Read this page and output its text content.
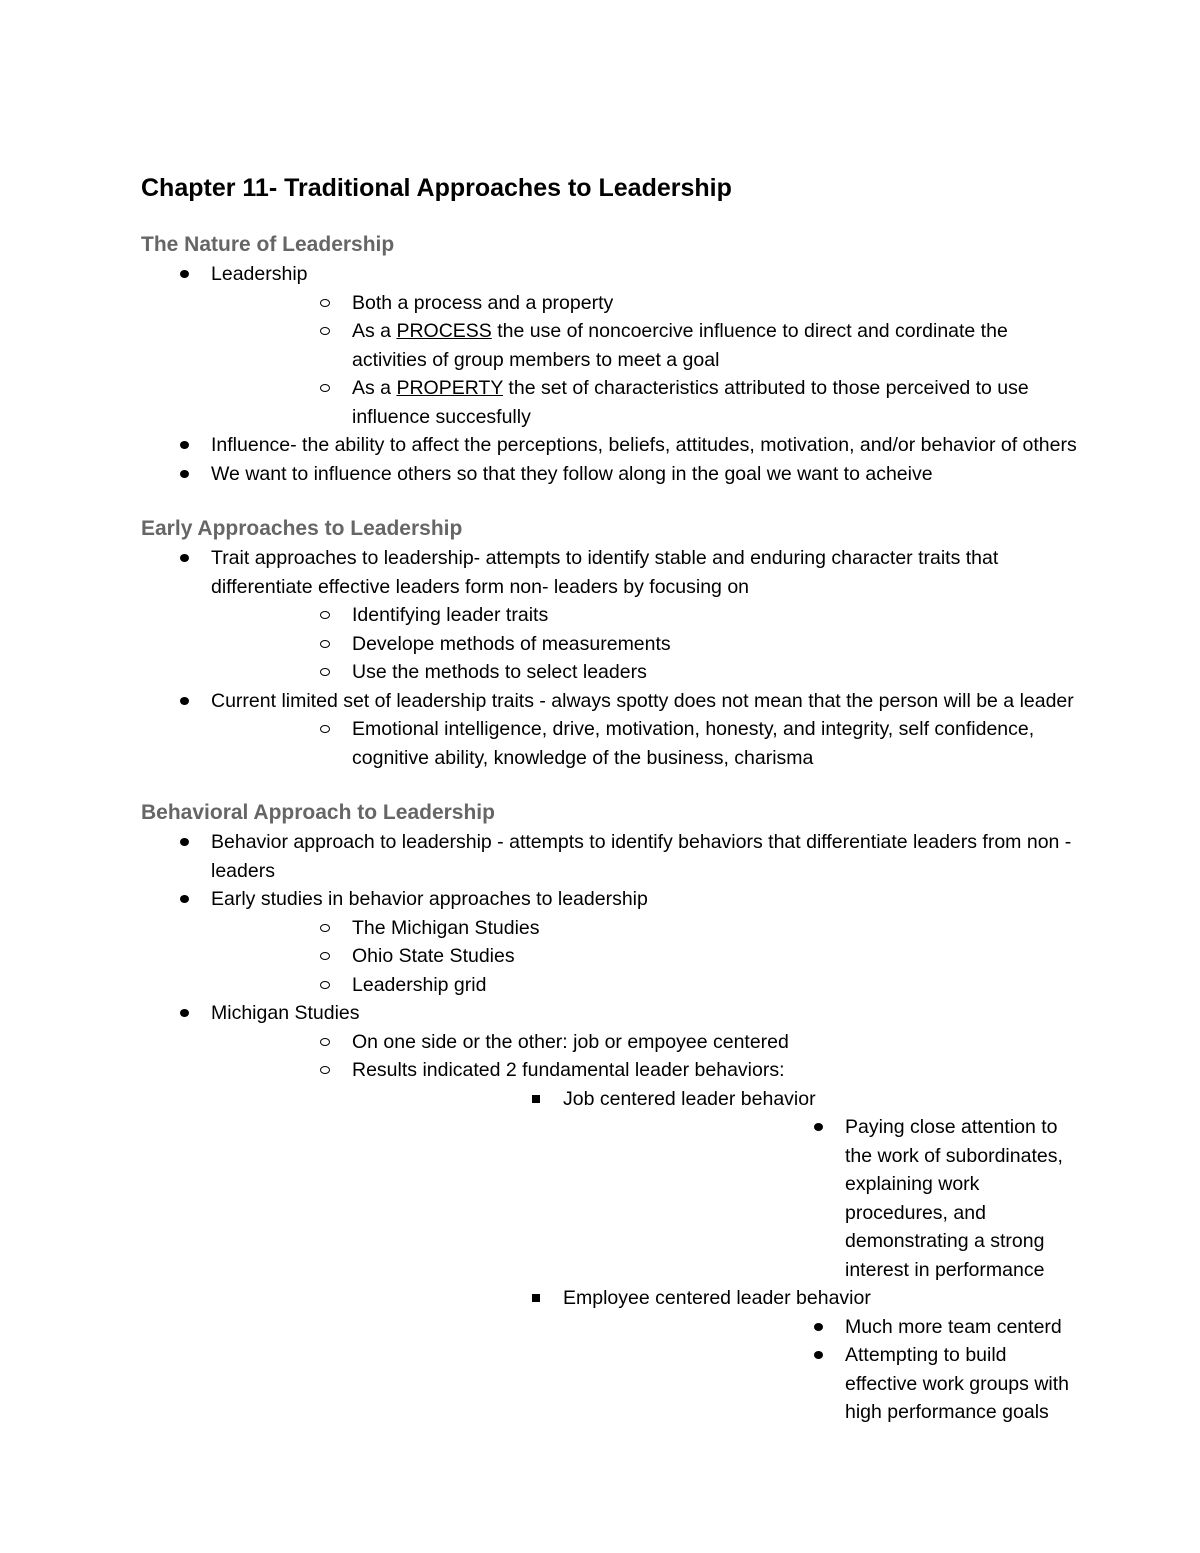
Chapter 11- Traditional Approaches to Leadership
The Nature of Leadership
Leadership
Both a process and a property
As a PROCESS the use of noncoercive influence to direct and cordinate the activities of group members to meet a goal
As a PROPERTY the set of characteristics attributed to those perceived to use influence succesfully
Influence- the ability to affect the perceptions, beliefs, attitudes, motivation, and/or behavior of others
We want to influence others so that they follow along in the goal we want to acheive
Early Approaches to Leadership
Trait approaches to leadership- attempts to identify stable and enduring character traits that differentiate effective leaders form non- leaders by focusing on
Identifying leader traits
Develope methods of measurements
Use the methods to select leaders
Current limited set of leadership traits - always spotty does not mean that the person will be a leader
Emotional intelligence, drive, motivation, honesty, and integrity, self confidence, cognitive ability, knowledge of the business, charisma
Behavioral Approach to Leadership
Behavior approach to leadership - attempts to identify behaviors that differentiate leaders from non - leaders
Early studies in behavior approaches to leadership
The Michigan Studies
Ohio State Studies
Leadership grid
Michigan Studies
On one side or the other: job or empoyee centered
Results indicated 2 fundamental leader behaviors:
Job centered leader behavior
Paying close attention to the work of subordinates, explaining work procedures, and demonstrating a strong interest in performance
Employee centered leader behavior
Much more team centerd
Attempting to build effective work groups with high performance goals
